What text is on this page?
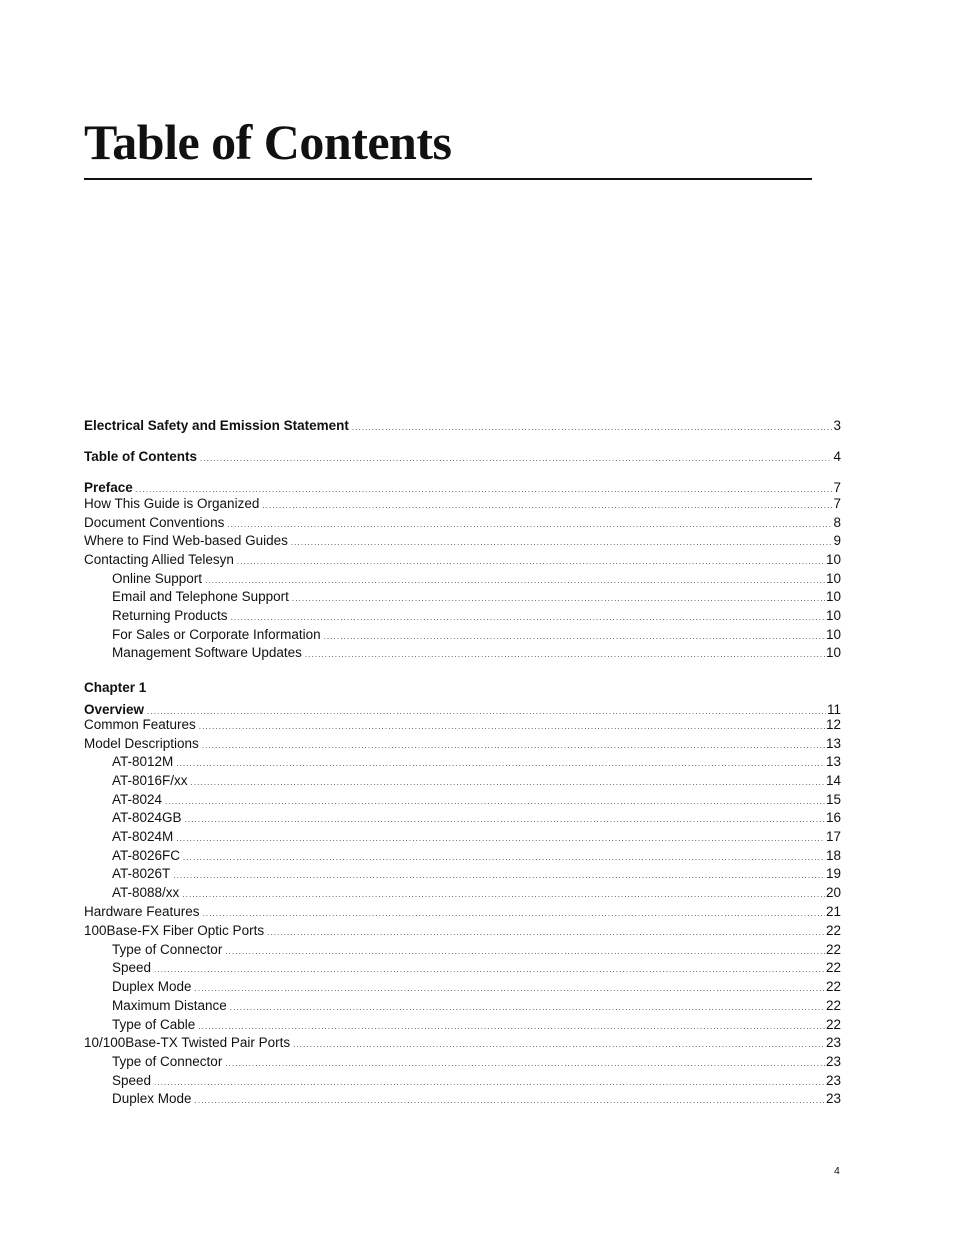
Table of Contents
Electrical Safety and Emission Statement .....	3
Table of Contents .....	4
Preface .....	7
How This Guide is Organized .....	7
Document Conventions .....	8
Where to Find Web-based Guides .....	9
Contacting Allied Telesyn .....	10
Online Support .....	10
Email and Telephone Support .....	10
Returning Products .....	10
For Sales or Corporate Information .....	10
Management Software Updates .....	10
Chapter 1
Overview .....	11
Common Features .....	12
Model Descriptions .....	13
AT-8012M .....	13
AT-8016F/xx .....	14
AT-8024 .....	15
AT-8024GB .....	16
AT-8024M .....	17
AT-8026FC .....	18
AT-8026T .....	19
AT-8088/xx .....	20
Hardware Features .....	21
100Base-FX Fiber Optic Ports .....	22
Type of Connector .....	22
Speed .....	22
Duplex Mode .....	22
Maximum Distance .....	22
Type of Cable .....	22
10/100Base-TX Twisted Pair Ports .....	23
Type of Connector .....	23
Speed .....	23
Duplex Mode .....	23
4
